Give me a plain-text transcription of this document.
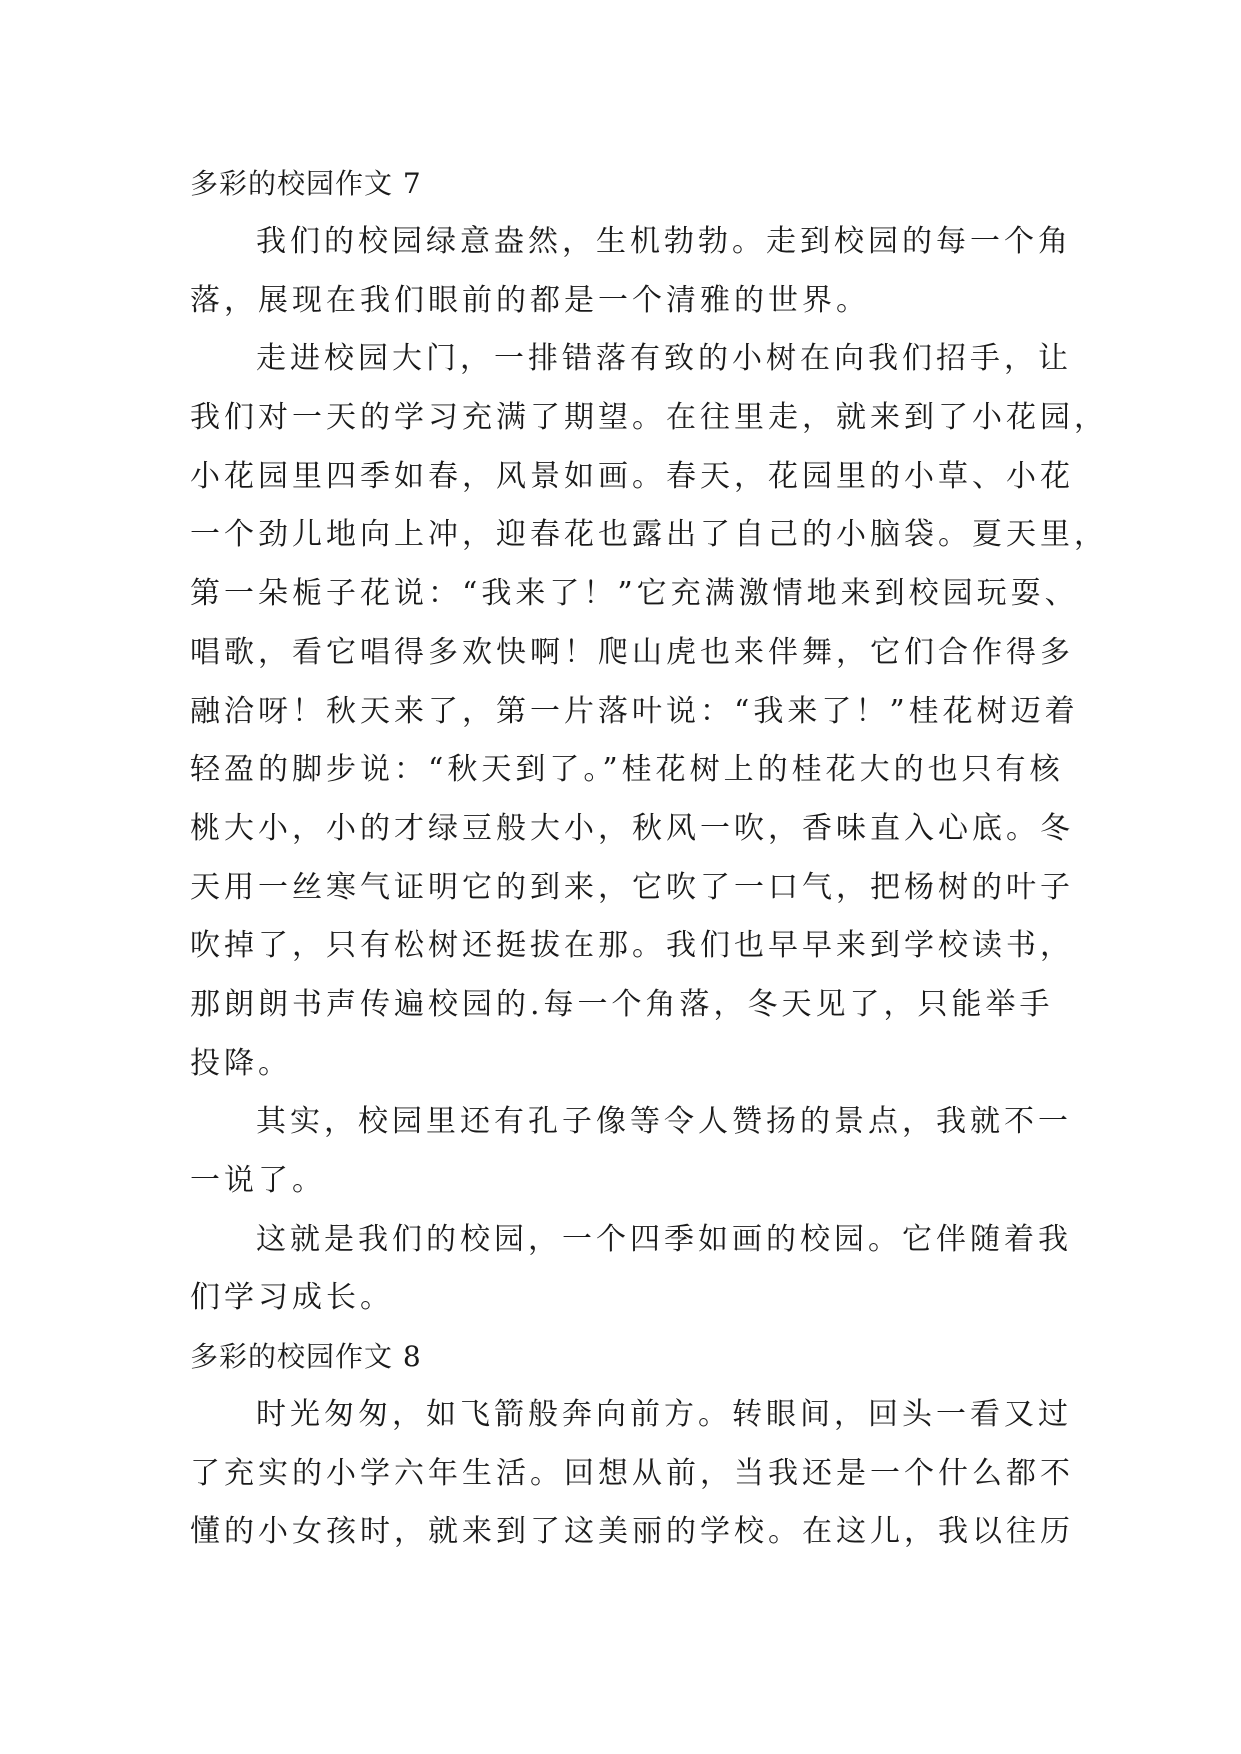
多彩的校园作文 7
我们的校园绿意盎然，生机勃勃。走到校园的每一个角
落，展现在我们眼前的都是一个清雅的世界。
走进校园大门，一排错落有致的小树在向我们招手，让
我们对一天的学习充满了期望。在往里走，就来到了小花园，
小花园里四季如春，风景如画。春天，花园里的小草、小花
一个劲儿地向上冲，迎春花也露出了自己的小脑袋。夏天里，
第一朵栀子花说：“我来了！”它充满激情地来到校园玩耍、
唱歌，看它唱得多欢快啊！爬山虎也来伴舞，它们合作得多
融洽呀！秋天来了，第一片落叶说：“我来了！”桂花树迈着
轻盈的脚步说：“秋天到了。”桂花树上的桂花大的也只有核
桃大小，小的才绿豆般大小，秋风一吹，香味直入心底。冬
天用一丝寒气证明它的到来，它吹了一口气，把杨树的叶子
吹掉了，只有松树还挺拔在那。我们也早早来到学校读书，
那朗朗书声传遍校园的.每一个角落，冬天见了，只能举手
投降。
其实，校园里还有孔子像等令人赞扬的景点，我就不一
一说了。
这就是我们的校园，一个四季如画的校园。它伴随着我
们学习成长。
多彩的校园作文 8
时光匆匆，如飞箭般奔向前方。转眼间，回头一看又过
了充实的小学六年生活。回想从前，当我还是一个什么都不
懂的小女孩时，就来到了这美丽的学校。在这儿，我以往历
